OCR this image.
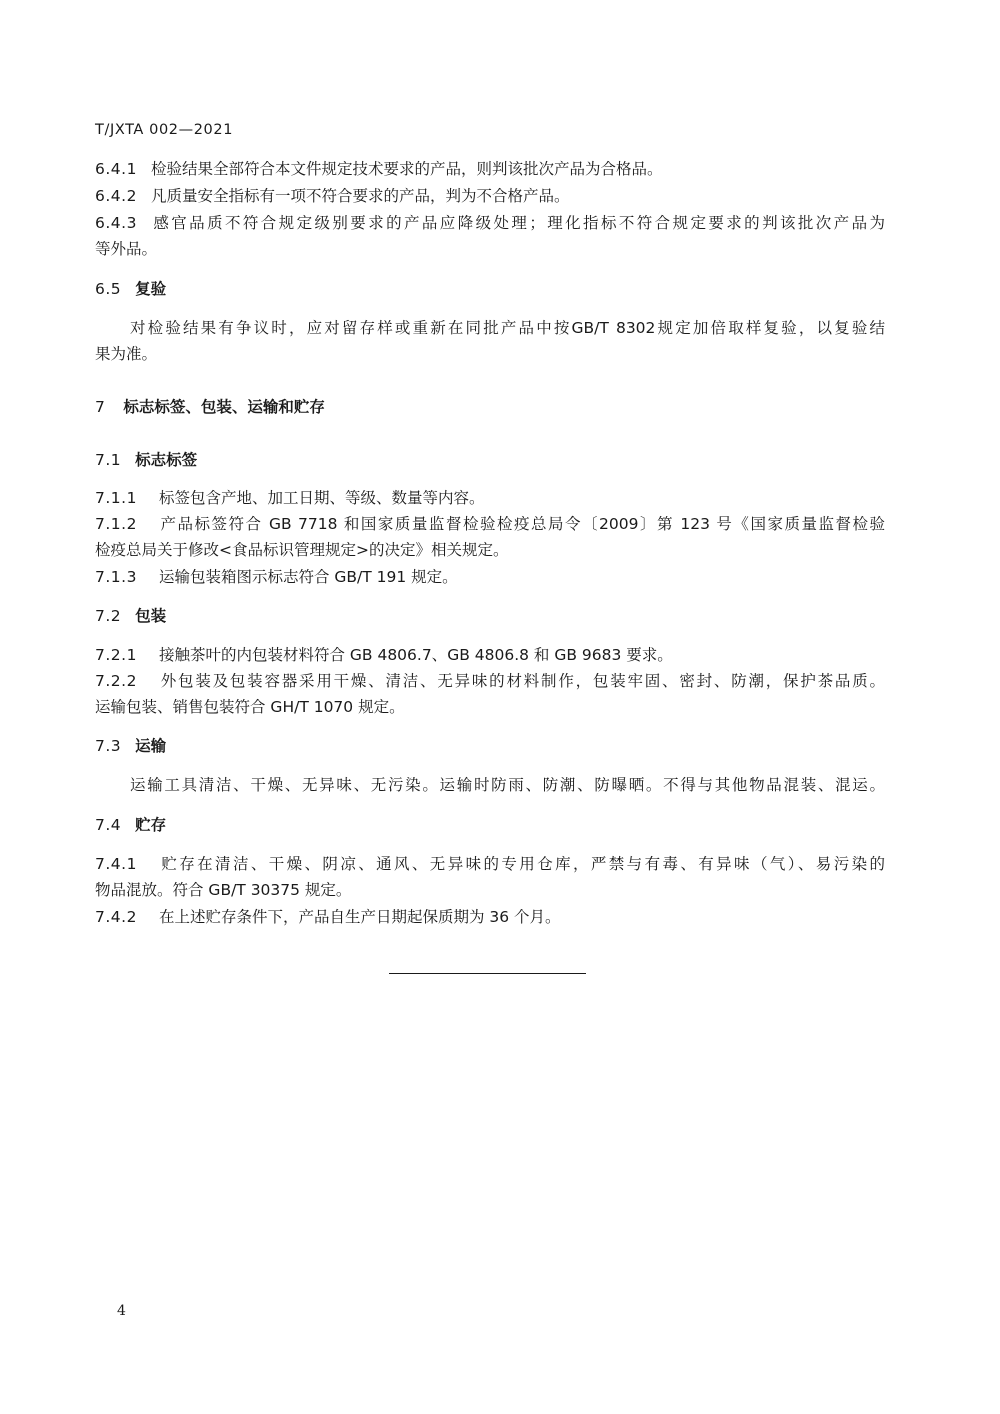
T/JXTA 002—2021
6.4.1 检验结果全部符合本文件规定技术要求的产品，则判该批次产品为合格品。
6.4.2 凡质量安全指标有一项不符合要求的产品，判为不合格产品。
6.4.3 感官品质不符合规定级别要求的产品应降级处理；理化指标不符合规定要求的判该批次产品为
等外品。
6.5 复验
对检验结果有争议时，应对留存样或重新在同批产品中按GB/T 8302规定加倍取样复验，以复验结
果为准。
7 标志标签、包装、运输和贮存
7.1 标志标签
7.1.1 标签包含产地、加工日期、等级、数量等内容。
7.1.2 产品标签符合 GB 7718 和国家质量监督检验检疫总局令〔2009〕第 123 号《国家质量监督检验
检疫总局关于修改<食品标识管理规定>的决定》相关规定。
7.1.3 运输包装箱图示标志符合 GB/T 191 规定。
7.2 包装
7.2.1 接触茶叶的内包装材料符合 GB 4806.7、GB 4806.8 和 GB 9683 要求。
7.2.2 外包装及包装容器采用干燥、清洁、无异味的材料制作，包装牢固、密封、防潮，保护茶品质。
运输包装、销售包装符合 GH/T 1070 规定。
7.3 运输
运输工具清洁、干燥、无异味、无污染。运输时防雨、防潮、防曝晒。不得与其他物品混装、混运。
7.4 贮存
7.4.1 贮存在清洁、干燥、阴凉、通风、无异味的专用仓库，严禁与有毒、有异味（气）、易污染的
物品混放。符合 GB/T 30375 规定。
7.4.2 在上述贮存条件下，产品自生产日期起保质期为 36 个月。
4
